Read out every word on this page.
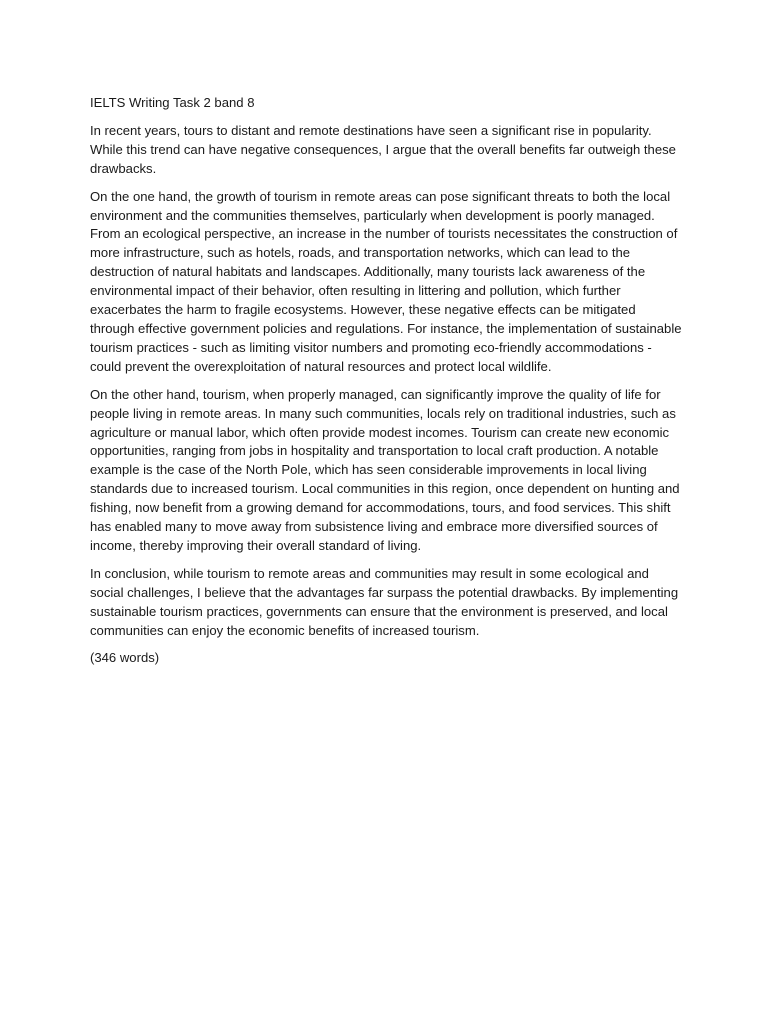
IELTS Writing Task 2 band 8

In recent years, tours to distant and remote destinations have seen a significant rise in popularity. While this trend can have negative consequences, I argue that the overall benefits far outweigh these drawbacks.

On the one hand, the growth of tourism in remote areas can pose significant threats to both the local environment and the communities themselves, particularly when development is poorly managed. From an ecological perspective, an increase in the number of tourists necessitates the construction of more infrastructure, such as hotels, roads, and transportation networks, which can lead to the destruction of natural habitats and landscapes. Additionally, many tourists lack awareness of the environmental impact of their behavior, often resulting in littering and pollution, which further exacerbates the harm to fragile ecosystems. However, these negative effects can be mitigated through effective government policies and regulations. For instance, the implementation of sustainable tourism practices - such as limiting visitor numbers and promoting eco-friendly accommodations - could prevent the overexploitation of natural resources and protect local wildlife.

On the other hand, tourism, when properly managed, can significantly improve the quality of life for people living in remote areas. In many such communities, locals rely on traditional industries, such as agriculture or manual labor, which often provide modest incomes. Tourism can create new economic opportunities, ranging from jobs in hospitality and transportation to local craft production. A notable example is the case of the North Pole, which has seen considerable improvements in local living standards due to increased tourism. Local communities in this region, once dependent on hunting and fishing, now benefit from a growing demand for accommodations, tours, and food services. This shift has enabled many to move away from subsistence living and embrace more diversified sources of income, thereby improving their overall standard of living.

In conclusion, while tourism to remote areas and communities may result in some ecological and social challenges, I believe that the advantages far surpass the potential drawbacks. By implementing sustainable tourism practices, governments can ensure that the environment is preserved, and local communities can enjoy the economic benefits of increased tourism.

(346 words)
